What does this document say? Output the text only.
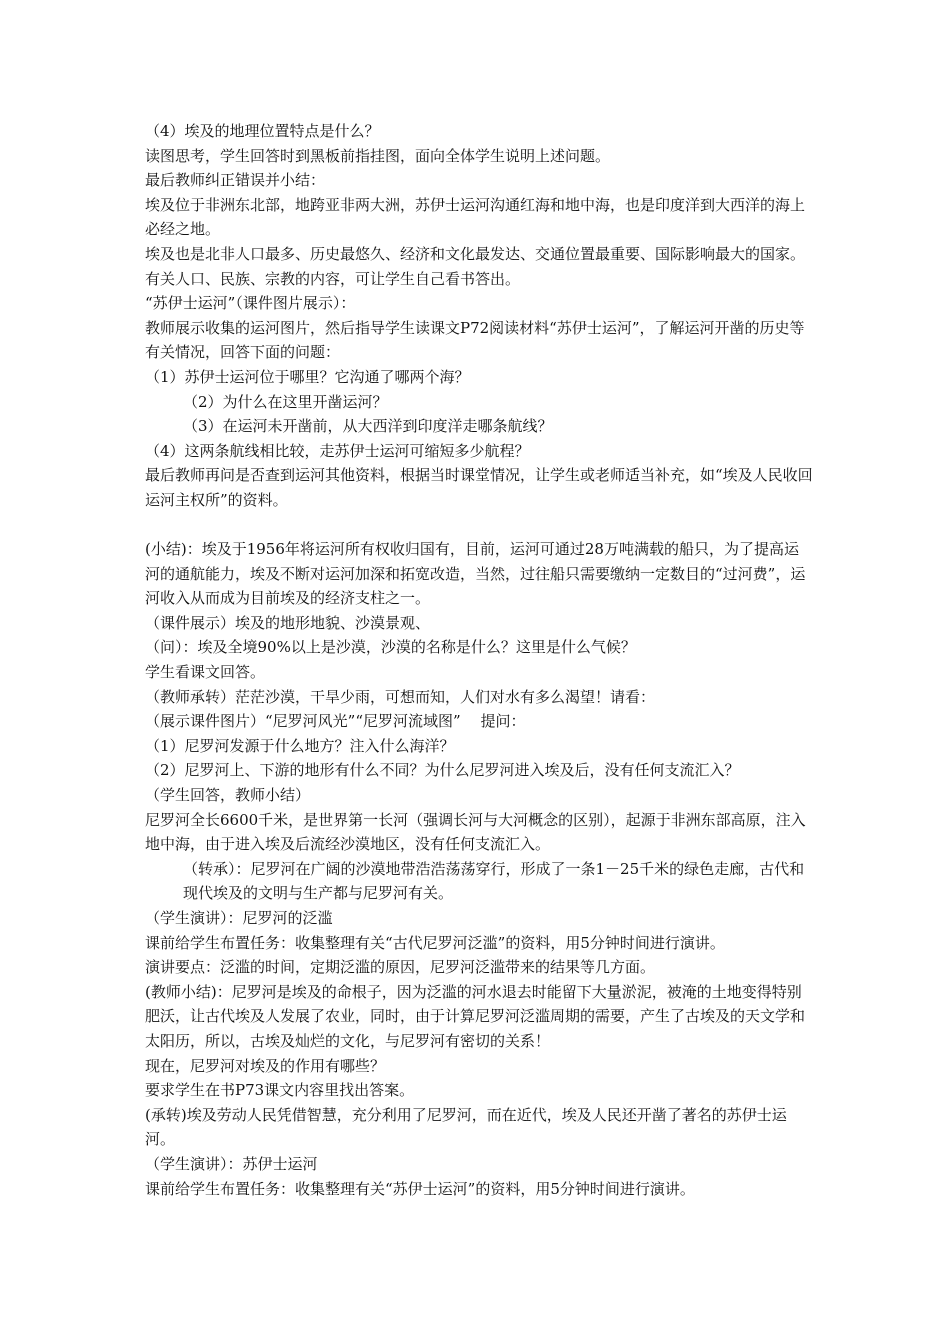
（4）埃及的地理位置特点是什么？

读图思考，学生回答时到黑板前指挂图，面向全体学生说明上述问题。

最后教师纠正错误并小结：

埃及位于非洲东北部，地跨亚非两大洲，苏伊士运河沟通红海和地中海，也是印度洋到大西洋的海上必经之地。

埃及也是北非人口最多、历史最悠久、经济和文化最发达、交通位置最重要、国际影响最大的国家。有关人口、民族、宗教的内容，可让学生自己看书答出。

“苏伊士运河”（课件图片展示）：

教师展示收集的运河图片，然后指导学生读课文P72阅读材料“苏伊士运河”，了解运河开凿的历史等有关情况，回答下面的问题：

（1）苏伊士运河位于哪里？它沟通了哪两个海？

（2）为什么在这里开凿运河？

（3）在运河未开凿前，从大西洋到印度洋走哪条航线？

（4）这两条航线相比较，走苏伊士运河可缩短多少航程？

最后教师再问是否查到运河其他资料，根据当时课堂情况，让学生或老师适当补充，如“埃及人民收回运河主权所”的资料。

(小结)：埃及于1956年将运河所有权收归国有，目前，运河可通过28万吨满载的船只，为了提高运河的通航能力，埃及不断对运河加深和拓宽改造，当然，过往船只需要缴纳一定数目的“过河费”，运河收入从而成为目前埃及的经济支柱之一。

（课件展示）埃及的地形地貌、沙漠景观、

（问）：埃及全境90%以上是沙漠，沙漠的名称是什么？这里是什么气候？

学生看课文回答。

（教师承转）茫茫沙漠，干旱少雨，可想而知，人们对水有多么渴望！请看：

（展示课件图片）“尼罗河风光”“尼罗河流域图”　 提问：

（1）尼罗河发源于什么地方？注入什么海洋？

（2）尼罗河上、下游的地形有什么不同？为什么尼罗河进入埃及后，没有任何支流汇入？

（学生回答，教师小结）

尼罗河全长6600千米，是世界第一长河（强调长河与大河概念的区别），起源于非洲东部高原，注入地中海，由于进入埃及后流经沙漠地区，没有任何支流汇入。

（转承）：尼罗河在广阔的沙漠地带浩浩荡荡穿行，形成了一条1－25千米的绿色走廊，古代和现代埃及的文明与生产都与尼罗河有关。

（学生演讲）：尼罗河的泛滥

课前给学生布置任务：收集整理有关“古代尼罗河泛滥”的资料，用5分钟时间进行演讲。

演讲要点：泛滥的时间，定期泛滥的原因，尼罗河泛滥带来的结果等几方面。

(教师小结)：尼罗河是埃及的命根子，因为泛滥的河水退去时能留下大量淤泥，被淹的土地变得特别肥沃，让古代埃及人发展了农业，同时，由于计算尼罗河泛滥周期的需要，产生了古埃及的天文学和太阳历，所以，古埃及灿烂的文化，与尼罗河有密切的关系！

现在，尼罗河对埃及的作用有哪些？

要求学生在书P73课文内容里找出答案。

(承转)埃及劳动人民凭借智慧，充分利用了尼罗河，而在近代，埃及人民还开凿了著名的苏伊士运河。

（学生演讲）：苏伊士运河

课前给学生布置任务：收集整理有关“苏伊士运河”的资料，用5分钟时间进行演讲。
